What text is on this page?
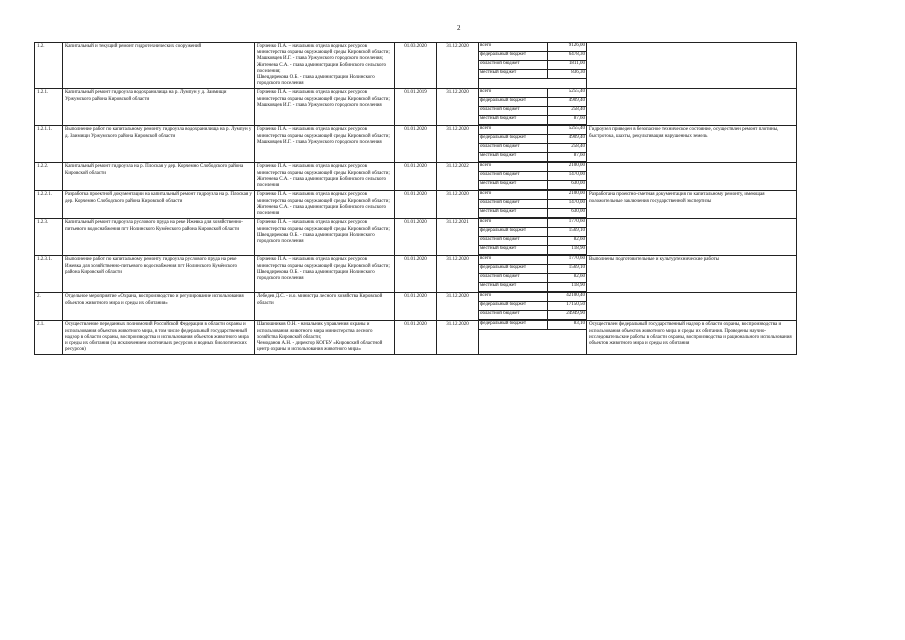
2
1.2.	Капитальный и текущий ремонт гидротехнических сооружений	Горченко П.А. – начальник отдела водных ресурсов министерства охраны окружающей среды Кировской области;
Машковцев И.Г. - глава Уржумского городского поселения;
Житенева С.А. - глава администрации Бобинского сельского поселения;
Швецдирекова О.Б. - глава администрации Нолинского городского поселения	01.03.2020	31.12.2020	всего	9126,00
федеральный бюджет	6478,30
областной бюджет	1811,00
местный бюджет	836,30

1.2.1.	Капитальный ремонт гидроузла водохранилища на р. Лумпун у д. Заимищи Уржумского района Кировской области	Горченко П.А. – начальник отдела водных ресурсов министерства охраны окружающей среды Кировской области;
Машковцев И.Г. - глава Уржумского городского поселения	01.01.2019	31.12.2020	всего	5255,40
федеральный бюджет	4909,40
областной бюджет	258,40
местный бюджет	87,60

1.2.1.1.	Выполнение работ по капитальному ремонту гидроузла водохранилища на р. Лумпун у д. Заимищи Уржумского района Кировской области	Горченко П.А. – начальник отдела водных ресурсов министерства охраны окружающей среды Кировской области;
Машковцев И.Г. - глава Уржумского городского поселения	01.01.2020	31.12.2020	всего	5255,40
федеральный бюджет	4909,40
областной бюджет	258,40
местный бюджет	87,60
	Гидроузел приведен в безопасное техническое состояние, осуществлен ремонт плотины, быстротока, шахты, рекультивация нарушенных земель
1.2.2.	Капитальный ремонт гидроузла на р. Плоская у дер. Корчемно Слободского района Кировской области	Горченко П.А. – начальник отдела водных ресурсов министерства охраны окружающей среды Кировской области;
Житенева С.А. - глава администрации Бобинского сельского поселения	01.01.2020	31.12.2022	всего	2100,00
областной бюджет	1470,00
местный бюджет	630,00

1.2.2.1.	Разработка проектной документации на капитальный ремонт гидроузла на р. Плоская у дер. Корчемно Слободского района Кировской области	Горченко П.А. – начальник отдела водных ресурсов министерства охраны окружающей среды Кировской области;
Житенева С.А. - глава администрации Бобинского сельского поселения	01.01.2020	31.12.2020	всего	2100,00
областной бюджет	1470,00
местный бюджет	630,00
	Разработана проектно-сметная документация по капитальному ремонту, имеющая положительные заключения государственной экспертизы
1.2.3.	Капитальный ремонт гидроузла руслового пруда на реке Ижевка для хозяйственно-питьевого водоснабжения пгт Нолинского Кумёнского района Кировской области	Горченко П.А. – начальник отдела водных ресурсов министерства охраны окружающей среды Кировской области;
Швецдирекова О.Б. - глава администрации Нолинского городского поселения	01.01.2020	31.12.2021	всего	1770,60
федеральный бюджет	1569,10
областной бюджет	82,60
местный бюджет	118,90

1.2.3.1.	Выполнение работ по капитальному ремонту гидроузла руслового пруда на реке Ижевка для хозяйственно-питьевого водоснабжения пгт Нолинского Кумёнского района Кировской области	Горченко П.А. – начальник отдела водных ресурсов министерства охраны окружающей среды Кировской области;
Швецдирекова О.Б. - глава администрации Нолинского городского поселения	01.01.2020	31.12.2020	всего	1770,60
федеральный бюджет	1569,10
областной бюджет	82,60
местный бюджет	118,90
	Выполнены подготовительные и культуртехнические работы
2.	Отдельное мероприятие «Охрана, воспроизводство и регулирование использования объектов животного мира и среды их обитания»	Лебедев Д.С. - и.о. министра лесного хозяйства Кировской области	01.01.2020	31.12.2020	всего	42100,40
федеральный бюджет	17150,50
областной бюджет	24949,90

2.1.	Осуществление переданных полномочий Российской Федерации в области охраны и использования объектов животного мира, в том числе федеральный государственный надзор в области охраны, воспроизводства и использования объектов животного мира и среды их обитания (за исключением охотничьих ресурсов и водных биологических ресурсов)	Шапошников О.Н. - начальник управления охраны и использования животного мира министерства лесного хозяйства Кировской области;
Чемоданов А.Н. - директор КОГБУ «Кировский областной центр охраны и использования животного мира»	01.01.2020	31.12.2020	федеральный бюджет	83,10
	Осуществлен федеральный государственный надзор в области охраны, воспроизводства и использования объектов животного мира и среды их обитания. Проведены научно-исследовательские работы в области охраны, воспроизводства и рационального использования объектов животного мира и среды их обитания
